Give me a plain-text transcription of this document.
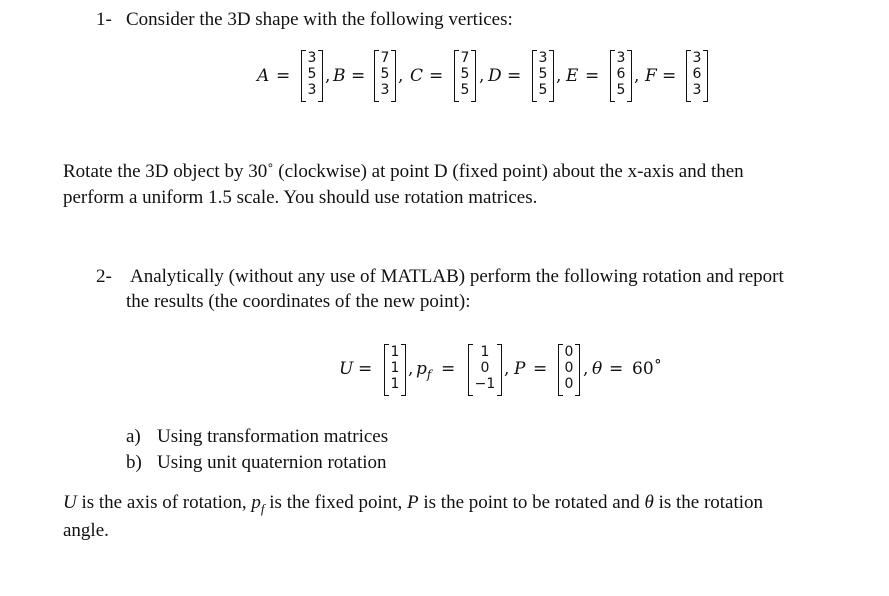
1- Consider the 3D shape with the following vertices:
A =
3
5
3
, B =
7
5
3
, C =
7
5
5
, D =
3
5
5
, E =
3
6
5
, F =
3
6
3
Rotate the 3D object by 30˚ (clockwise) at point D (fixed point) about the x-axis and then
perform a uniform 1.5 scale. You should use rotation matrices.
2- Analytically (without any use of MATLAB) perform the following rotation and report
the results (the coordinates of the new point):
U =
1
1
1
, $p_f$ =
1
0
−1
, P =
0
0
0
, θ = 60˚
a) Using transformation matrices
b) Using unit quaternion rotation
U is the axis of rotation, $p_f$ is the fixed point, P is the point to be rotated and θ is the rotation
angle.
